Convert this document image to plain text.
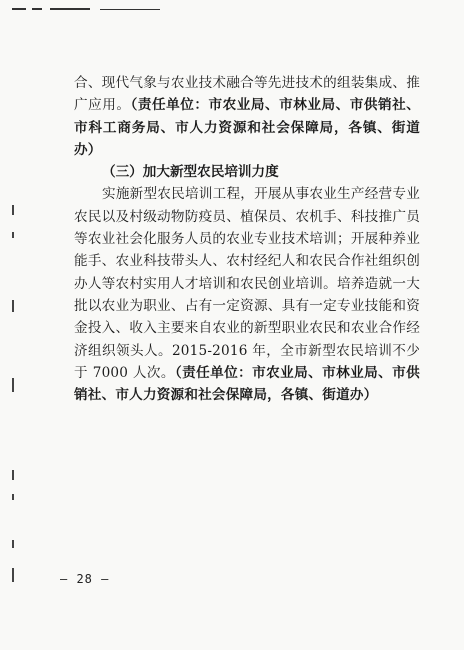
合、现代气象与农业技术融合等先进技术的组装集成、推广应用。（责任单位：市农业局、市林业局、市供销社、市科工商务局、市人力资源和社会保障局，各镇、街道办）

（三）加大新型农民培训力度

实施新型农民培训工程，开展从事农业生产经营专业农民以及村级动物防疫员、植保员、农机手、科技推广员等农业社会化服务人员的农业专业技术培训；开展种养业能手、农业科技带头人、农村经纪人和农民合作社组织创办人等农村实用人才培训和农民创业培训。培养造就一大批以农业为职业、占有一定资源、具有一定专业技能和资金投入、收入主要来自农业的新型职业农民和农业合作经济组织领头人。2015-2016 年，全市新型农民培训不少于 7000 人次。（责任单位：市农业局、市林业局、市供销社、市人力资源和社会保障局，各镇、街道办）

— 28 —
